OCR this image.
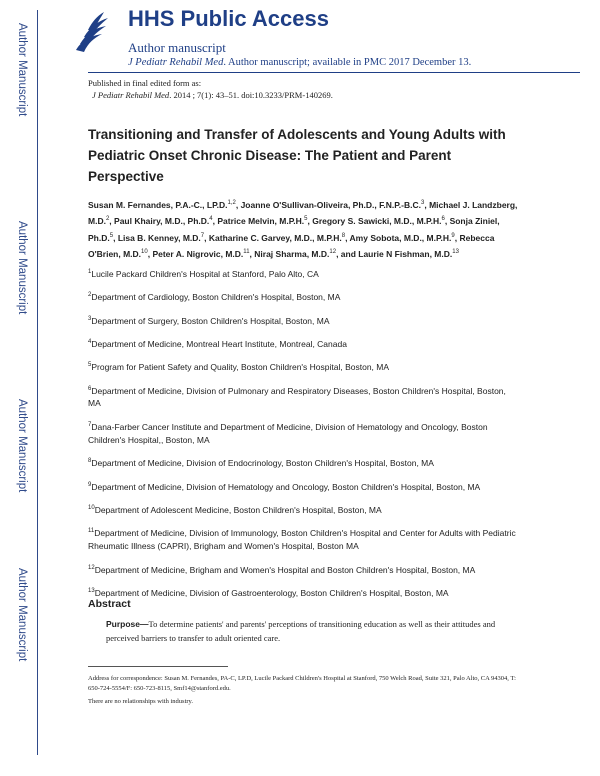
Author Manuscript
Author Manuscript
Author Manuscript
Author Manuscript
HHS Public Access
Author manuscript
J Pediatr Rehabil Med. Author manuscript; available in PMC 2017 December 13.
Published in final edited form as:
J Pediatr Rehabil Med. 2014 ; 7(1): 43–51. doi:10.3233/PRM-140269.
Transitioning and Transfer of Adolescents and Young Adults with Pediatric Onset Chronic Disease: The Patient and Parent Perspective
Susan M. Fernandes, P.A.-C., LP.D.$^{1,2}$, Joanne O'Sullivan-Oliveira, Ph.D., F.N.P.-B.C.$^3$, Michael J. Landzberg, M.D.$^2$, Paul Khairy, M.D., Ph.D.$^4$, Patrice Melvin, M.P.H.$^5$, Gregory S. Sawicki, M.D., M.P.H.$^6$, Sonja Ziniel, Ph.D.$^5$, Lisa B. Kenney, M.D.$^7$, Katharine C. Garvey, M.D., M.P.H.$^8$, Amy Sobota, M.D., M.P.H.$^9$, Rebecca O'Brien, M.D.$^{10}$, Peter A. Nigrovic, M.D.$^{11}$, Niraj Sharma, M.D.$^{12}$, and Laurie N Fishman, M.D.$^{13}$

$^1$Lucile Packard Children's Hospital at Stanford, Palo Alto, CA

$^2$Department of Cardiology, Boston Children's Hospital, Boston, MA

$^3$Department of Surgery, Boston Children's Hospital, Boston, MA

$^4$Department of Medicine, Montreal Heart Institute, Montreal, Canada

$^5$Program for Patient Safety and Quality, Boston Children's Hospital, Boston, MA

$^6$Department of Medicine, Division of Pulmonary and Respiratory Diseases, Boston Children's Hospital, Boston, MA

$^7$Dana-Farber Cancer Institute and Department of Medicine, Division of Hematology and Oncology, Boston Children's Hospital,, Boston, MA

$^8$Department of Medicine, Division of Endocrinology, Boston Children's Hospital, Boston, MA

$^9$Department of Medicine, Division of Hematology and Oncology, Boston Children's Hospital, Boston, MA

$^{10}$Department of Adolescent Medicine, Boston Children's Hospital, Boston, MA

$^{11}$Department of Medicine, Division of Immunology, Boston Children's Hospital and Center for Adults with Pediatric Rheumatic Illness (CAPRI), Brigham and Women's Hospital, Boston MA

$^{12}$Department of Medicine, Brigham and Women's Hospital and Boston Children's Hospital, Boston, MA

$^{13}$Department of Medicine, Division of Gastroenterology, Boston Children's Hospital, Boston, MA

Abstract
Purpose—To determine patients' and parents' perceptions of transitioning education as well as their attitudes and perceived barriers to transfer to adult oriented care.
Address for correspondence: Susan M. Fernandes, PA-C, LP.D, Lucile Packard Children's Hospital at Stanford, 750 Welch Road, Suite 321, Palo Alto, CA 94304, T: 650-724-5554/F: 650-723-8115, Smf14@stanford.edu.
There are no relationships with industry.
